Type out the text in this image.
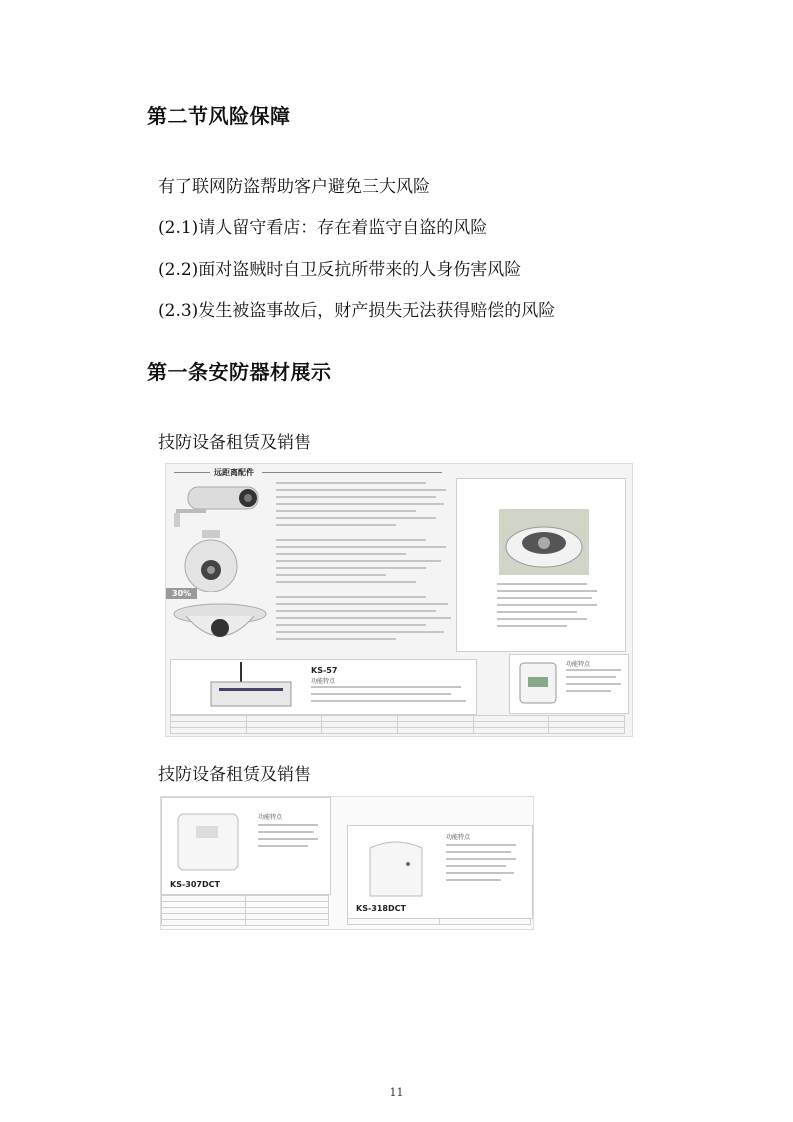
第二节风险保障

有了联网防盗帮助客户避免三大风险

(2.1)请人留守看店：存在着监守自盗的风险

(2.2)面对盗贼时自卫反抗所带来的人身伤害风险

(2.3)发生被盗事故后，财产损失无法获得赔偿的风险

第一条安防器材展示

技防设备租赁及销售

远距离配件
30%
KS-57
功能特点
功能特点

技防设备租赁及销售

功能特点
KS-307DCT

功能特点
KS-318DCT

11
